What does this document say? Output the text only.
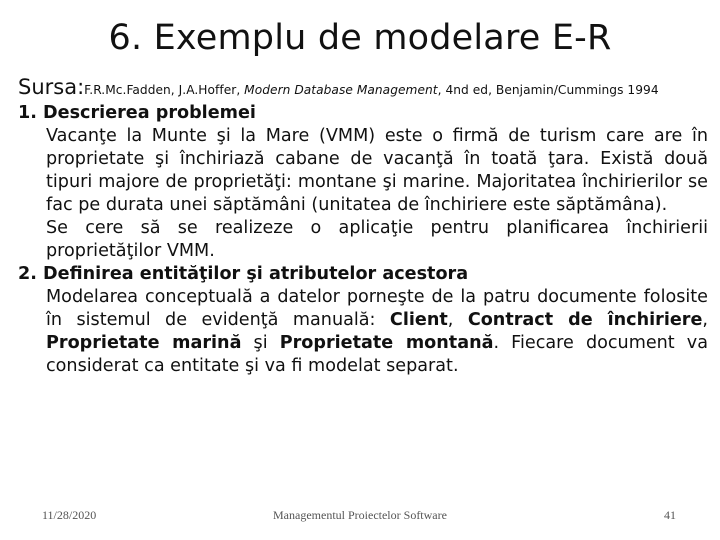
6. Exemplu de modelare E-R
Sursa:F.R.Mc.Fadden, J.A.Hoffer, Modern Database Management, 4nd ed, Benjamin/Cummings 1994

1. Descrierea problemei

Vacanţe la Munte şi la Mare (VMM) este o firmă de turism care are în proprietate şi închiriază cabane de vacanţă în toată ţara. Există două tipuri majore de proprietăţi: montane şi marine. Majoritatea închirierilor se fac pe durata unei săptămâni (unitatea de închiriere este săptămâna).

Se cere să se realizeze o aplicaţie pentru planificarea închirierii proprietăţilor VMM.

2. Definirea entităţilor şi atributelor acestora

Modelarea conceptuală a datelor porneşte de la patru documente folosite în sistemul de evidenţă manuală: Client, Contract de închiriere, Proprietate marină şi Proprietate montană. Fiecare document va considerat ca entitate şi va fi modelat separat.

11/28/2020	Managementul Proiectelor Software	41
